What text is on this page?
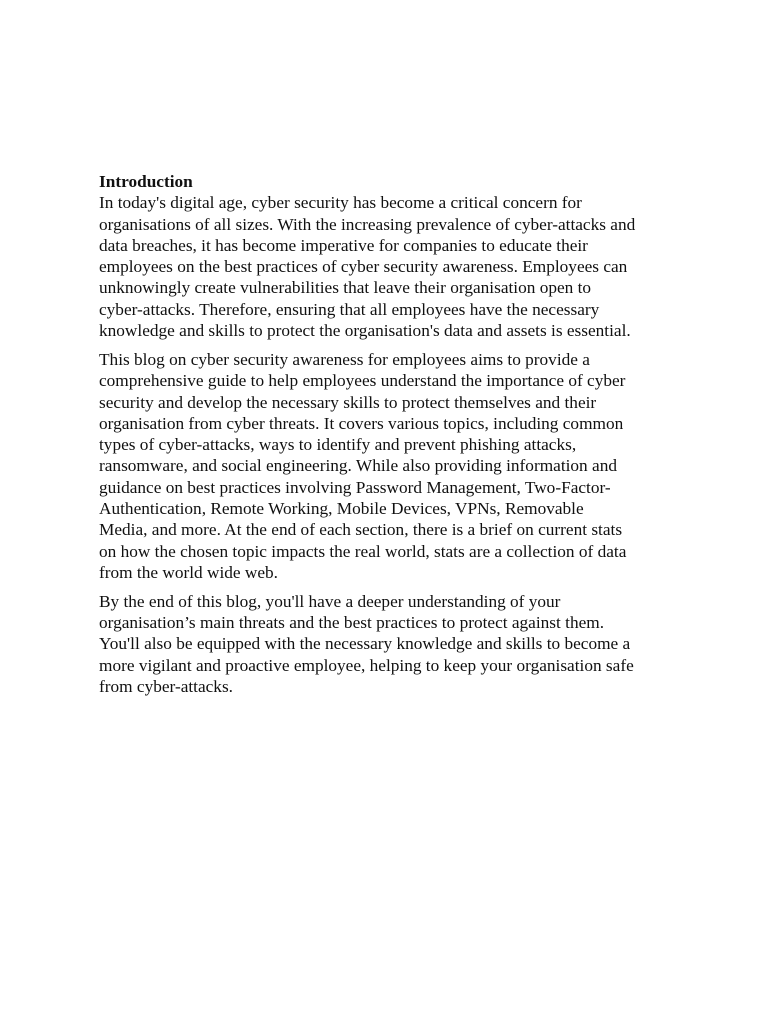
Introduction

In today's digital age, cyber security has become a critical concern for
organisations of all sizes. With the increasing prevalence of cyber-attacks and
data breaches, it has become imperative for companies to educate their
employees on the best practices of cyber security awareness. Employees can
unknowingly create vulnerabilities that leave their organisation open to
cyber-attacks. Therefore, ensuring that all employees have the necessary
knowledge and skills to protect the organisation's data and assets is essential.

This blog on cyber security awareness for employees aims to provide a
comprehensive guide to help employees understand the importance of cyber
security and develop the necessary skills to protect themselves and their
organisation from cyber threats. It covers various topics, including common
types of cyber-attacks, ways to identify and prevent phishing attacks,
ransomware, and social engineering. While also providing information and
guidance on best practices involving Password Management, Two-Factor-
Authentication, Remote Working, Mobile Devices, VPNs, Removable
Media, and more. At the end of each section, there is a brief on current stats
on how the chosen topic impacts the real world, stats are a collection of data
from the world wide web.

By the end of this blog, you'll have a deeper understanding of your
organisation’s main threats and the best practices to protect against them.
You'll also be equipped with the necessary knowledge and skills to become a
more vigilant and proactive employee, helping to keep your organisation safe
from cyber-attacks.
